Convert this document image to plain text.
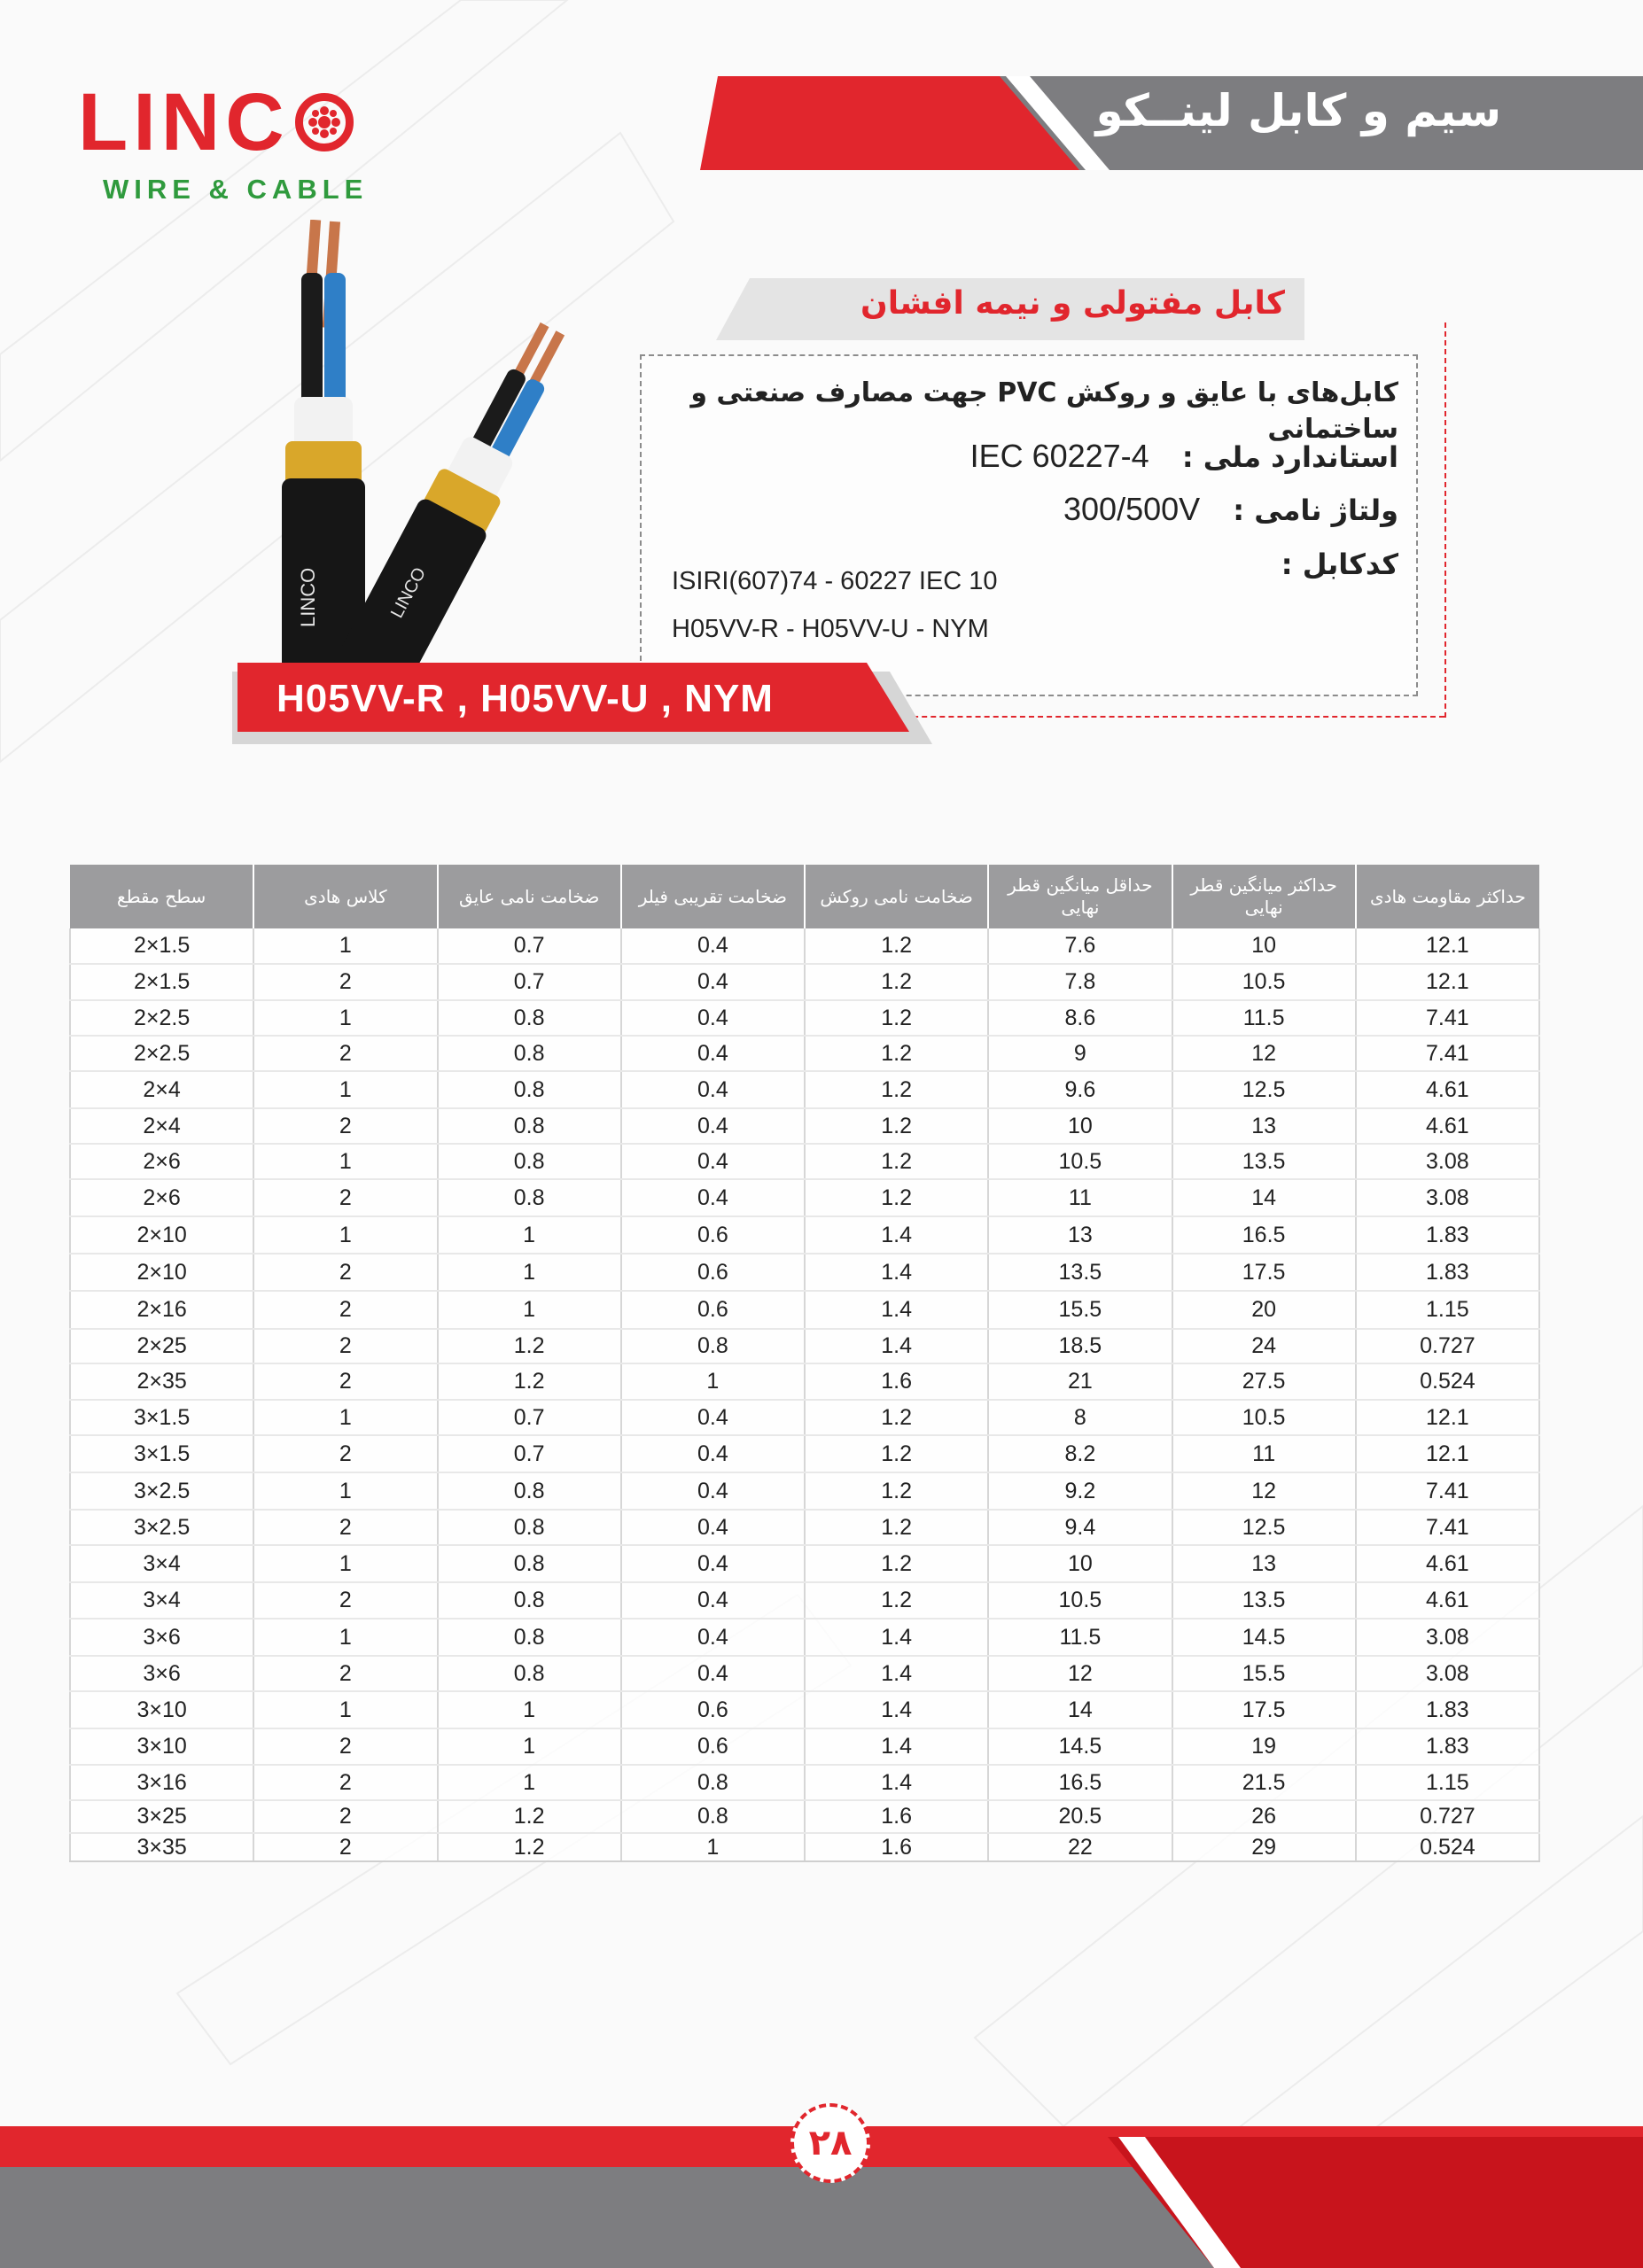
LINC
WIRE & CABLE
سیم و کابل لینــکو
LINCO	LINCO
کابل مفتولی و نیمه افشان
کابل‌های با عایق و روکش PVC جهت مصارف صنعتی و ساختمانی
استاندارد ملی : IEC 60227-4
ولتاژ نامی : 300/500V
کدکابل :
ISIRI(607)74 - 60227 IEC 10
H05VV-R - H05VV-U - NYM
H05VV-R , H05VV-U , NYM
سطح مقطع	کلاس هادی	ضخامت نامی عایق	ضخامت تقریبی فیلر	ضخامت نامی روکش	حداقل میانگین قطر نهایی	حداکثر میانگین قطر نهایی	حداکثر مقاومت هادی
2×1.5	1	0.7	0.4	1.2	7.6	10	12.1
2×1.5	2	0.7	0.4	1.2	7.8	10.5	12.1
2×2.5	1	0.8	0.4	1.2	8.6	11.5	7.41
2×2.5	2	0.8	0.4	1.2	9	12	7.41
2×4	1	0.8	0.4	1.2	9.6	12.5	4.61
2×4	2	0.8	0.4	1.2	10	13	4.61
2×6	1	0.8	0.4	1.2	10.5	13.5	3.08
2×6	2	0.8	0.4	1.2	11	14	3.08
2×10	1	1	0.6	1.4	13	16.5	1.83
2×10	2	1	0.6	1.4	13.5	17.5	1.83
2×16	2	1	0.6	1.4	15.5	20	1.15
2×25	2	1.2	0.8	1.4	18.5	24	0.727
2×35	2	1.2	1	1.6	21	27.5	0.524
3×1.5	1	0.7	0.4	1.2	8	10.5	12.1
3×1.5	2	0.7	0.4	1.2	8.2	11	12.1
3×2.5	1	0.8	0.4	1.2	9.2	12	7.41
3×2.5	2	0.8	0.4	1.2	9.4	12.5	7.41
3×4	1	0.8	0.4	1.2	10	13	4.61
3×4	2	0.8	0.4	1.2	10.5	13.5	4.61
3×6	1	0.8	0.4	1.4	11.5	14.5	3.08
3×6	2	0.8	0.4	1.4	12	15.5	3.08
3×10	1	1	0.6	1.4	14	17.5	1.83
3×10	2	1	0.6	1.4	14.5	19	1.83
3×16	2	1	0.8	1.4	16.5	21.5	1.15
3×25	2	1.2	0.8	1.6	20.5	26	0.727
3×35	2	1.2	1	1.6	22	29	0.524
۲۸
